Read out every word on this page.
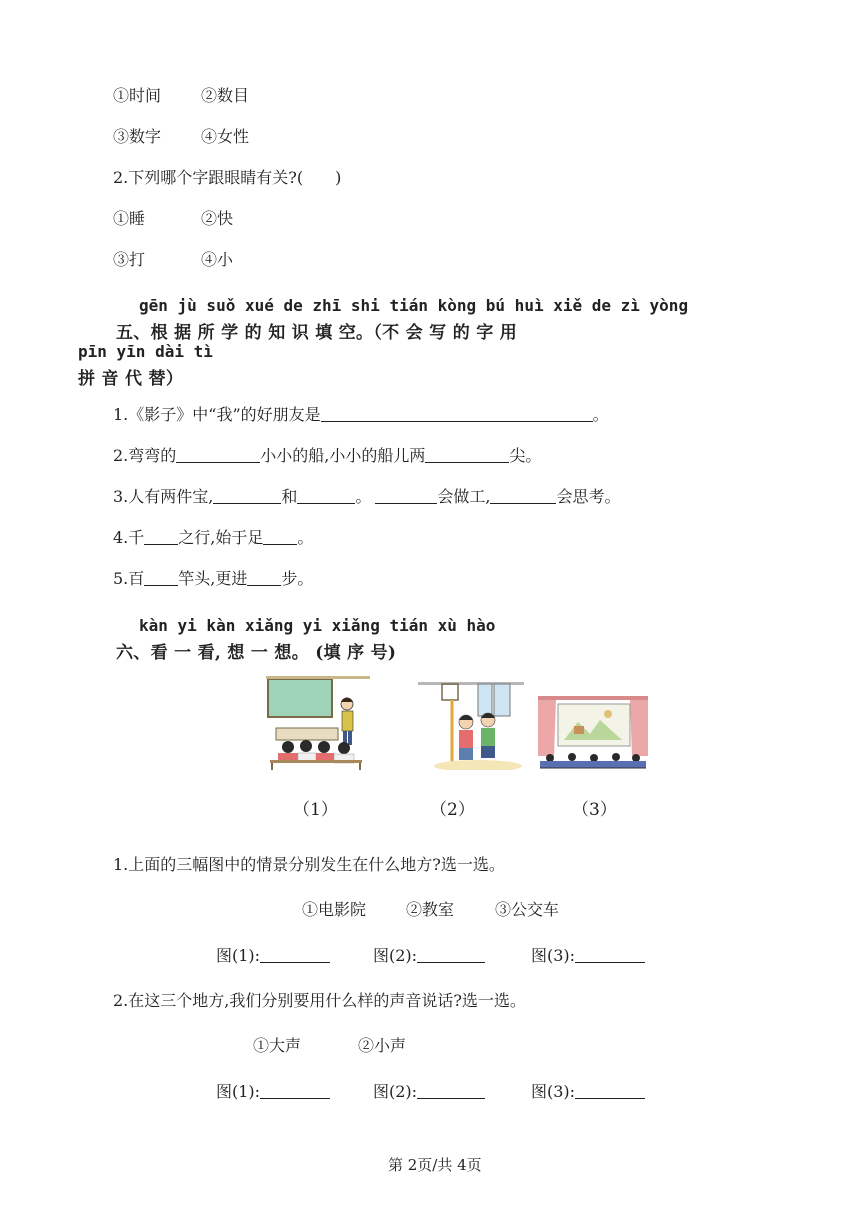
①时间 ②数目
③数字 ④女性
2.下列哪个字跟眼睛有关?(　　)
①睡	②快
③打	④小
gēn jù suǒ xué de zhī shi tián kòng bú huì xiě de zì yòng
五、根 据 所 学 的 知 识 填 空。（不 会 写 的 字 用
pīn yīn dài tì
拼 音 代 替）
1.《影子》中“我”的好朋友是	。
2.弯弯的	小小的船,小小的船儿两	尖。
3.人有两件宝,	和	。	会做工,	会思考。
4.千 之行,始于足 。
5.百 竿头,更进 步。
kàn yi kàn xiǎng yi xiǎng tián xù hào
六、看 一 看, 想 一 想。 (填 序 号)
（1）	（2）	（3）
1.上面的三幅图中的情景分别发生在什么地方?选一选。
①电影院 ②教室	③公交车
图(1):	图(2):	图(3):
2.在这三个地方,我们分别要用什么样的声音说话?选一选。
①大声	②小声
图(1):	图(2):	图(3):
第 2页/共 4页
